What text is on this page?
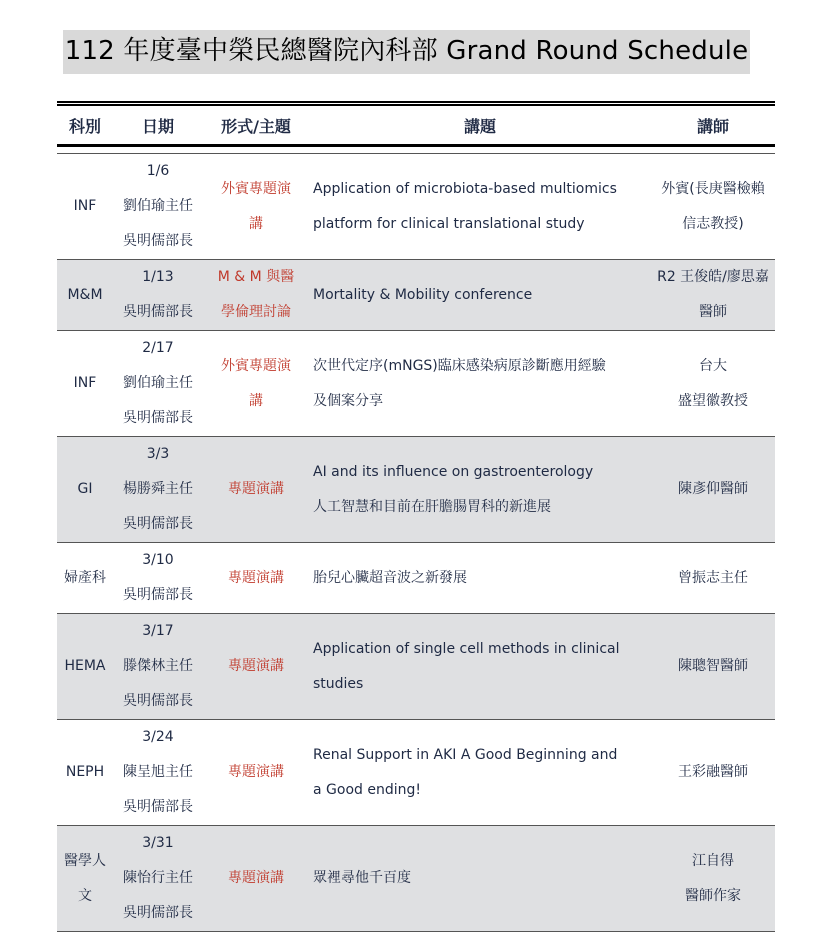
112 年度臺中榮民總醫院內科部 Grand Round Schedule
科別	日期	形式/主題	講題	講師

INF	1/6
劉伯瑜主任
吳明儒部長	外賓專題演
講	Application of microbiota-based multiomics
platform for clinical translational study	外賓(長庚醫檢賴
信志教授)

M&M	1/13
吳明儒部長	M & M 與醫
學倫理討論	Mortality & Mobility conference	R2 王俊皓/廖思嘉
醫師

INF	2/17
劉伯瑜主任
吳明儒部長	外賓專題演
講	次世代定序(mNGS)臨床感染病原診斷應用經驗
及個案分享	台大
盛望徽教授

GI	3/3
楊勝舜主任
吳明儒部長	專題演講	AI and its influence on gastroenterology
人工智慧和目前在肝膽腸胃科的新進展	陳彥仰醫師

婦產科	3/10
吳明儒部長	專題演講	胎兒心臟超音波之新發展	曾振志主任

HEMA	3/17
滕傑林主任
吳明儒部長	專題演講	Application of single cell methods in clinical
studies	陳聰智醫師

NEPH	3/24
陳呈旭主任
吳明儒部長	專題演講	Renal Support in AKI A Good Beginning and
a Good ending!	王彩融醫師

醫學人
文	3/31
陳怡行主任
吳明儒部長	專題演講	眾裡尋他千百度	江自得
醫師作家
